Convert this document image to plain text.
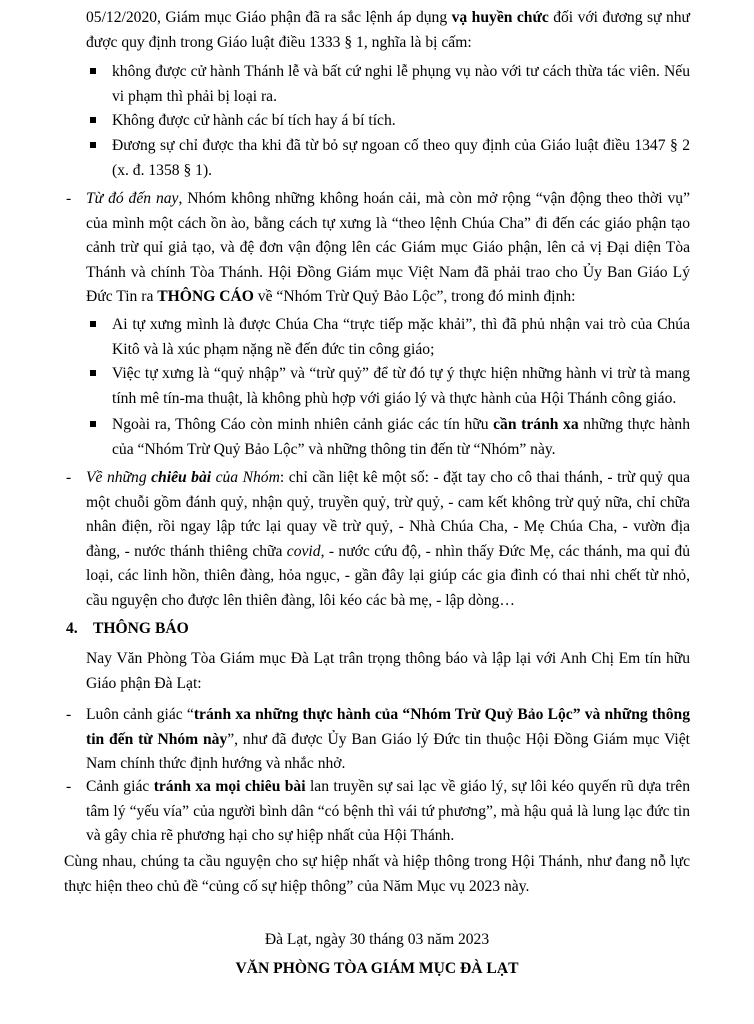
05/12/2020, Giám mục Giáo phận đã ra sắc lệnh áp dụng vạ huyền chức đối với đương sự như được quy định trong Giáo luật điều 1333 § 1, nghĩa là bị cấm:
không được cử hành Thánh lễ và bất cứ nghi lễ phụng vụ nào với tư cách thừa tác viên. Nếu vi phạm thì phải bị loại ra.
Không được cử hành các bí tích hay á bí tích.
Đương sự chỉ được tha khi đã từ bỏ sự ngoan cố theo quy định của Giáo luật điều 1347 § 2 (x. đ. 1358 § 1).
- Từ đó đến nay, Nhóm không những không hoán cải, mà còn mở rộng “vận động theo thời vụ” của mình một cách ồn ào, bằng cách tự xưng là “theo lệnh Chúa Cha” đi đến các giáo phận tạo cảnh trừ quỉ giả tạo, và đệ đơn vận động lên các Giám mục Giáo phận, lên cả vị Đại diện Tòa Thánh và chính Tòa Thánh. Hội Đồng Giám mục Việt Nam đã phải trao cho Ủy Ban Giáo Lý Đức Tin ra THÔNG CÁO về “Nhóm Trừ Quỷ Bảo Lộc”, trong đó minh định:
Ai tự xưng mình là được Chúa Cha “trực tiếp mặc khải”, thì đã phủ nhận vai trò của Chúa Kitô và là xúc phạm nặng nề đến đức tin công giáo;
Việc tự xưng là “quỷ nhập” và “trừ quỷ” để từ đó tự ý thực hiện những hành vi trừ tà mang tính mê tín-ma thuật, là không phù hợp với giáo lý và thực hành của Hội Thánh công giáo.
Ngoài ra, Thông Cáo còn minh nhiên cảnh giác các tín hữu cần tránh xa những thực hành của “Nhóm Trừ Quỷ Bảo Lộc” và những thông tin đến từ “Nhóm” này.
- Về những chiêu bài của Nhóm: chỉ cần liệt kê một số: - đặt tay cho cô thai thánh, - trừ quỷ qua một chuỗi gồm đánh quỷ, nhận quỷ, truyền quỷ, trừ quỷ, - cam kết không trừ quỷ nữa, chỉ chữa nhân điện, rồi ngay lập tức lại quay về trừ quỷ, - Nhà Chúa Cha, - Mẹ Chúa Cha, - vườn địa đàng, - nước thánh thiêng chữa covid, - nước cứu độ, - nhìn thấy Đức Mẹ, các thánh, ma quỉ đủ loại, các linh hồn, thiên đàng, hỏa ngục, - gần đây lại giúp các gia đình có thai nhi chết từ nhỏ, cầu nguyện cho được lên thiên đàng, lôi kéo các bà mẹ, - lập dòng…
4. THÔNG BÁO
Nay Văn Phòng Tòa Giám mục Đà Lạt trân trọng thông báo và lập lại với Anh Chị Em tín hữu Giáo phận Đà Lạt:
- Luôn cảnh giác “tránh xa những thực hành của “Nhóm Trừ Quỷ Bảo Lộc” và những thông tin đến từ Nhóm này”, như đã được Ủy Ban Giáo lý Đức tin thuộc Hội Đồng Giám mục Việt Nam chính thức định hướng và nhắc nhở.
- Cảnh giác tránh xa mọi chiêu bài lan truyền sự sai lạc về giáo lý, sự lôi kéo quyến rũ dựa trên tâm lý “yếu vía” của người bình dân “có bệnh thì vái tứ phương”, mà hậu quả là lung lạc đức tin và gây chia rẽ phương hại cho sự hiệp nhất của Hội Thánh.
Cùng nhau, chúng ta cầu nguyện cho sự hiệp nhất và hiệp thông trong Hội Thánh, như đang nỗ lực thực hiện theo chủ đề “củng cố sự hiệp thông” của Năm Mục vụ 2023 này.
Đà Lạt, ngày 30 tháng 03 năm 2023
VĂN PHÒNG TÒA GIÁM MỤC ĐÀ LẠT
